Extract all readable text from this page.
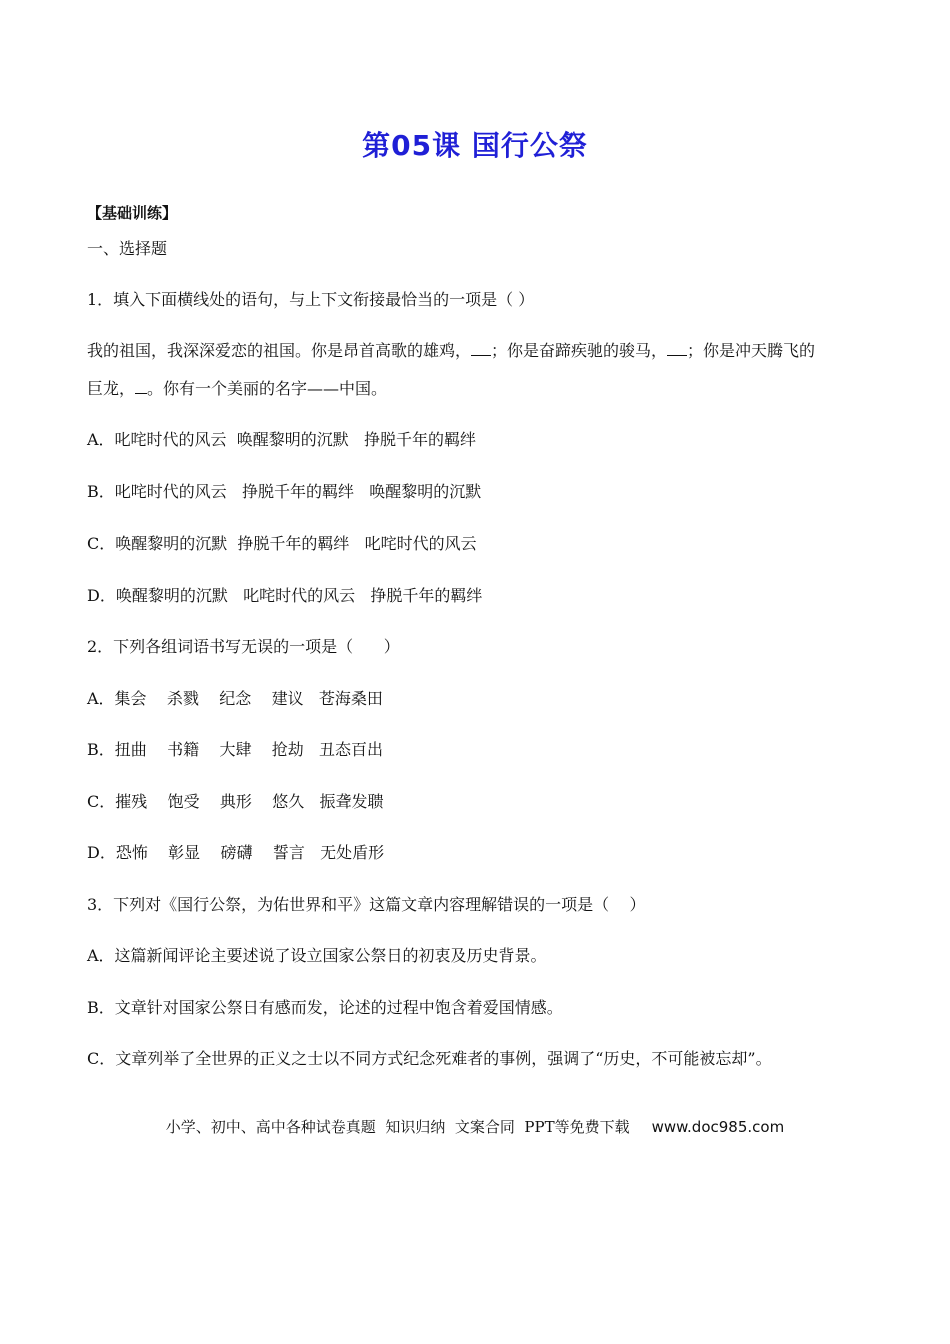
第05课 国行公祭
【基础训练】
一、选择题
1．填入下面横线处的语句，与上下文衔接最恰当的一项是（ ）
我的祖国，我深深爱恋的祖国。你是昂首高歌的雄鸡， ；你是奋蹄疾驰的骏马， ；你是冲天腾飞的
巨龙， 。你有一个美丽的名字——中国。
A．叱咤时代的风云  唤醒黎明的沉默   挣脱千年的羁绊
B．叱咤时代的风云   挣脱千年的羁绊   唤醒黎明的沉默
C．唤醒黎明的沉默  挣脱千年的羁绊   叱咤时代的风云
D．唤醒黎明的沉默   叱咤时代的风云   挣脱千年的羁绊
2．下列各组词语书写无误的一项是（      ）
A．集会    杀戮    纪念    建议   苍海桑田
B．扭曲    书籍    大肆    抢劫   丑态百出
C．摧残    饱受    典形    悠久   振聋发聩
D．恐怖    彰显    磅礴    誓言   无处盾形
3．下列对《国行公祭，为佑世界和平》这篇文章内容理解错误的一项是（    ）
A．这篇新闻评论主要述说了设立国家公祭日的初衷及历史背景。
B．文章针对国家公祭日有感而发，论述的过程中饱含着爱国情感。
C．文章列举了全世界的正义之士以不同方式纪念死难者的事例，强调了“历史，不可能被忘却”。
小学、初中、高中各种试卷真题  知识归纳  文案合同  PPT等免费下载 www.doc985.com
